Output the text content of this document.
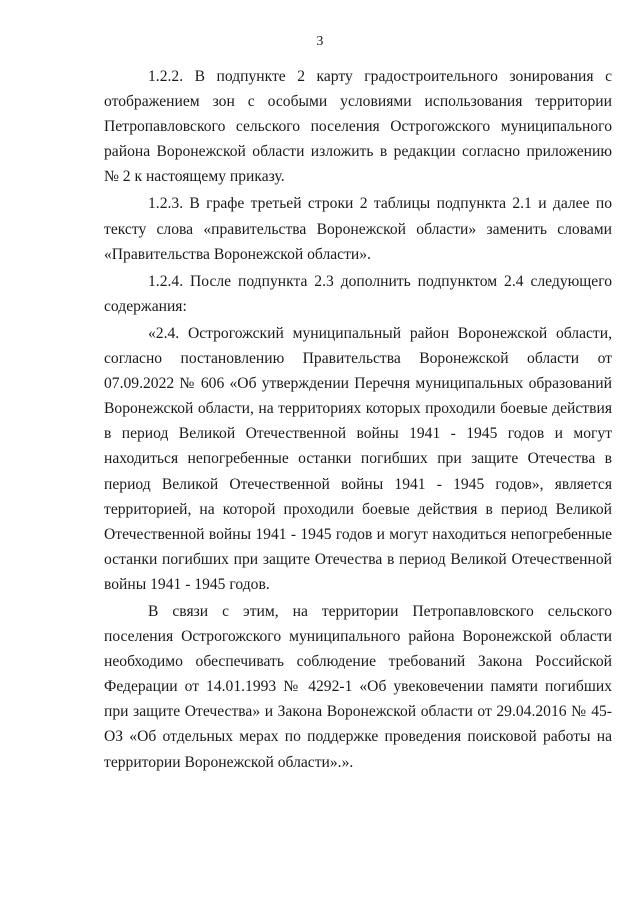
3

1.2.2. В подпункте 2 карту градостроительного зонирования с отображением зон с особыми условиями использования территории Петропавловского сельского поселения Острогожского муниципального района Воронежской области изложить в редакции согласно приложению № 2 к настоящему приказу.

1.2.3. В графе третьей строки 2 таблицы подпункта 2.1 и далее по тексту слова «правительства Воронежской области» заменить словами «Правительства Воронежской области».

1.2.4. После подпункта 2.3 дополнить подпунктом 2.4 следующего содержания:

«2.4. Острогожский муниципальный район Воронежской области, согласно постановлению Правительства Воронежской области от 07.09.2022 № 606 «Об утверждении Перечня муниципальных образований Воронежской области, на территориях которых проходили боевые действия в период Великой Отечественной войны 1941 - 1945 годов и могут находиться непогребенные останки погибших при защите Отечества в период Великой Отечественной войны 1941 - 1945 годов», является территорией, на которой проходили боевые действия в период Великой Отечественной войны 1941 - 1945 годов и могут находиться непогребенные останки погибших при защите Отечества в период Великой Отечественной войны 1941 - 1945 годов.

В связи с этим, на территории Петропавловского сельского поселения Острогожского муниципального района Воронежской области необходимо обеспечивать соблюдение требований Закона Российской Федерации от 14.01.1993 № 4292-1 «Об увековечении памяти погибших при защите Отечества» и Закона Воронежской области от 29.04.2016 № 45-ОЗ «Об отдельных мерах по поддержке проведения поисковой работы на территории Воронежской области».».
